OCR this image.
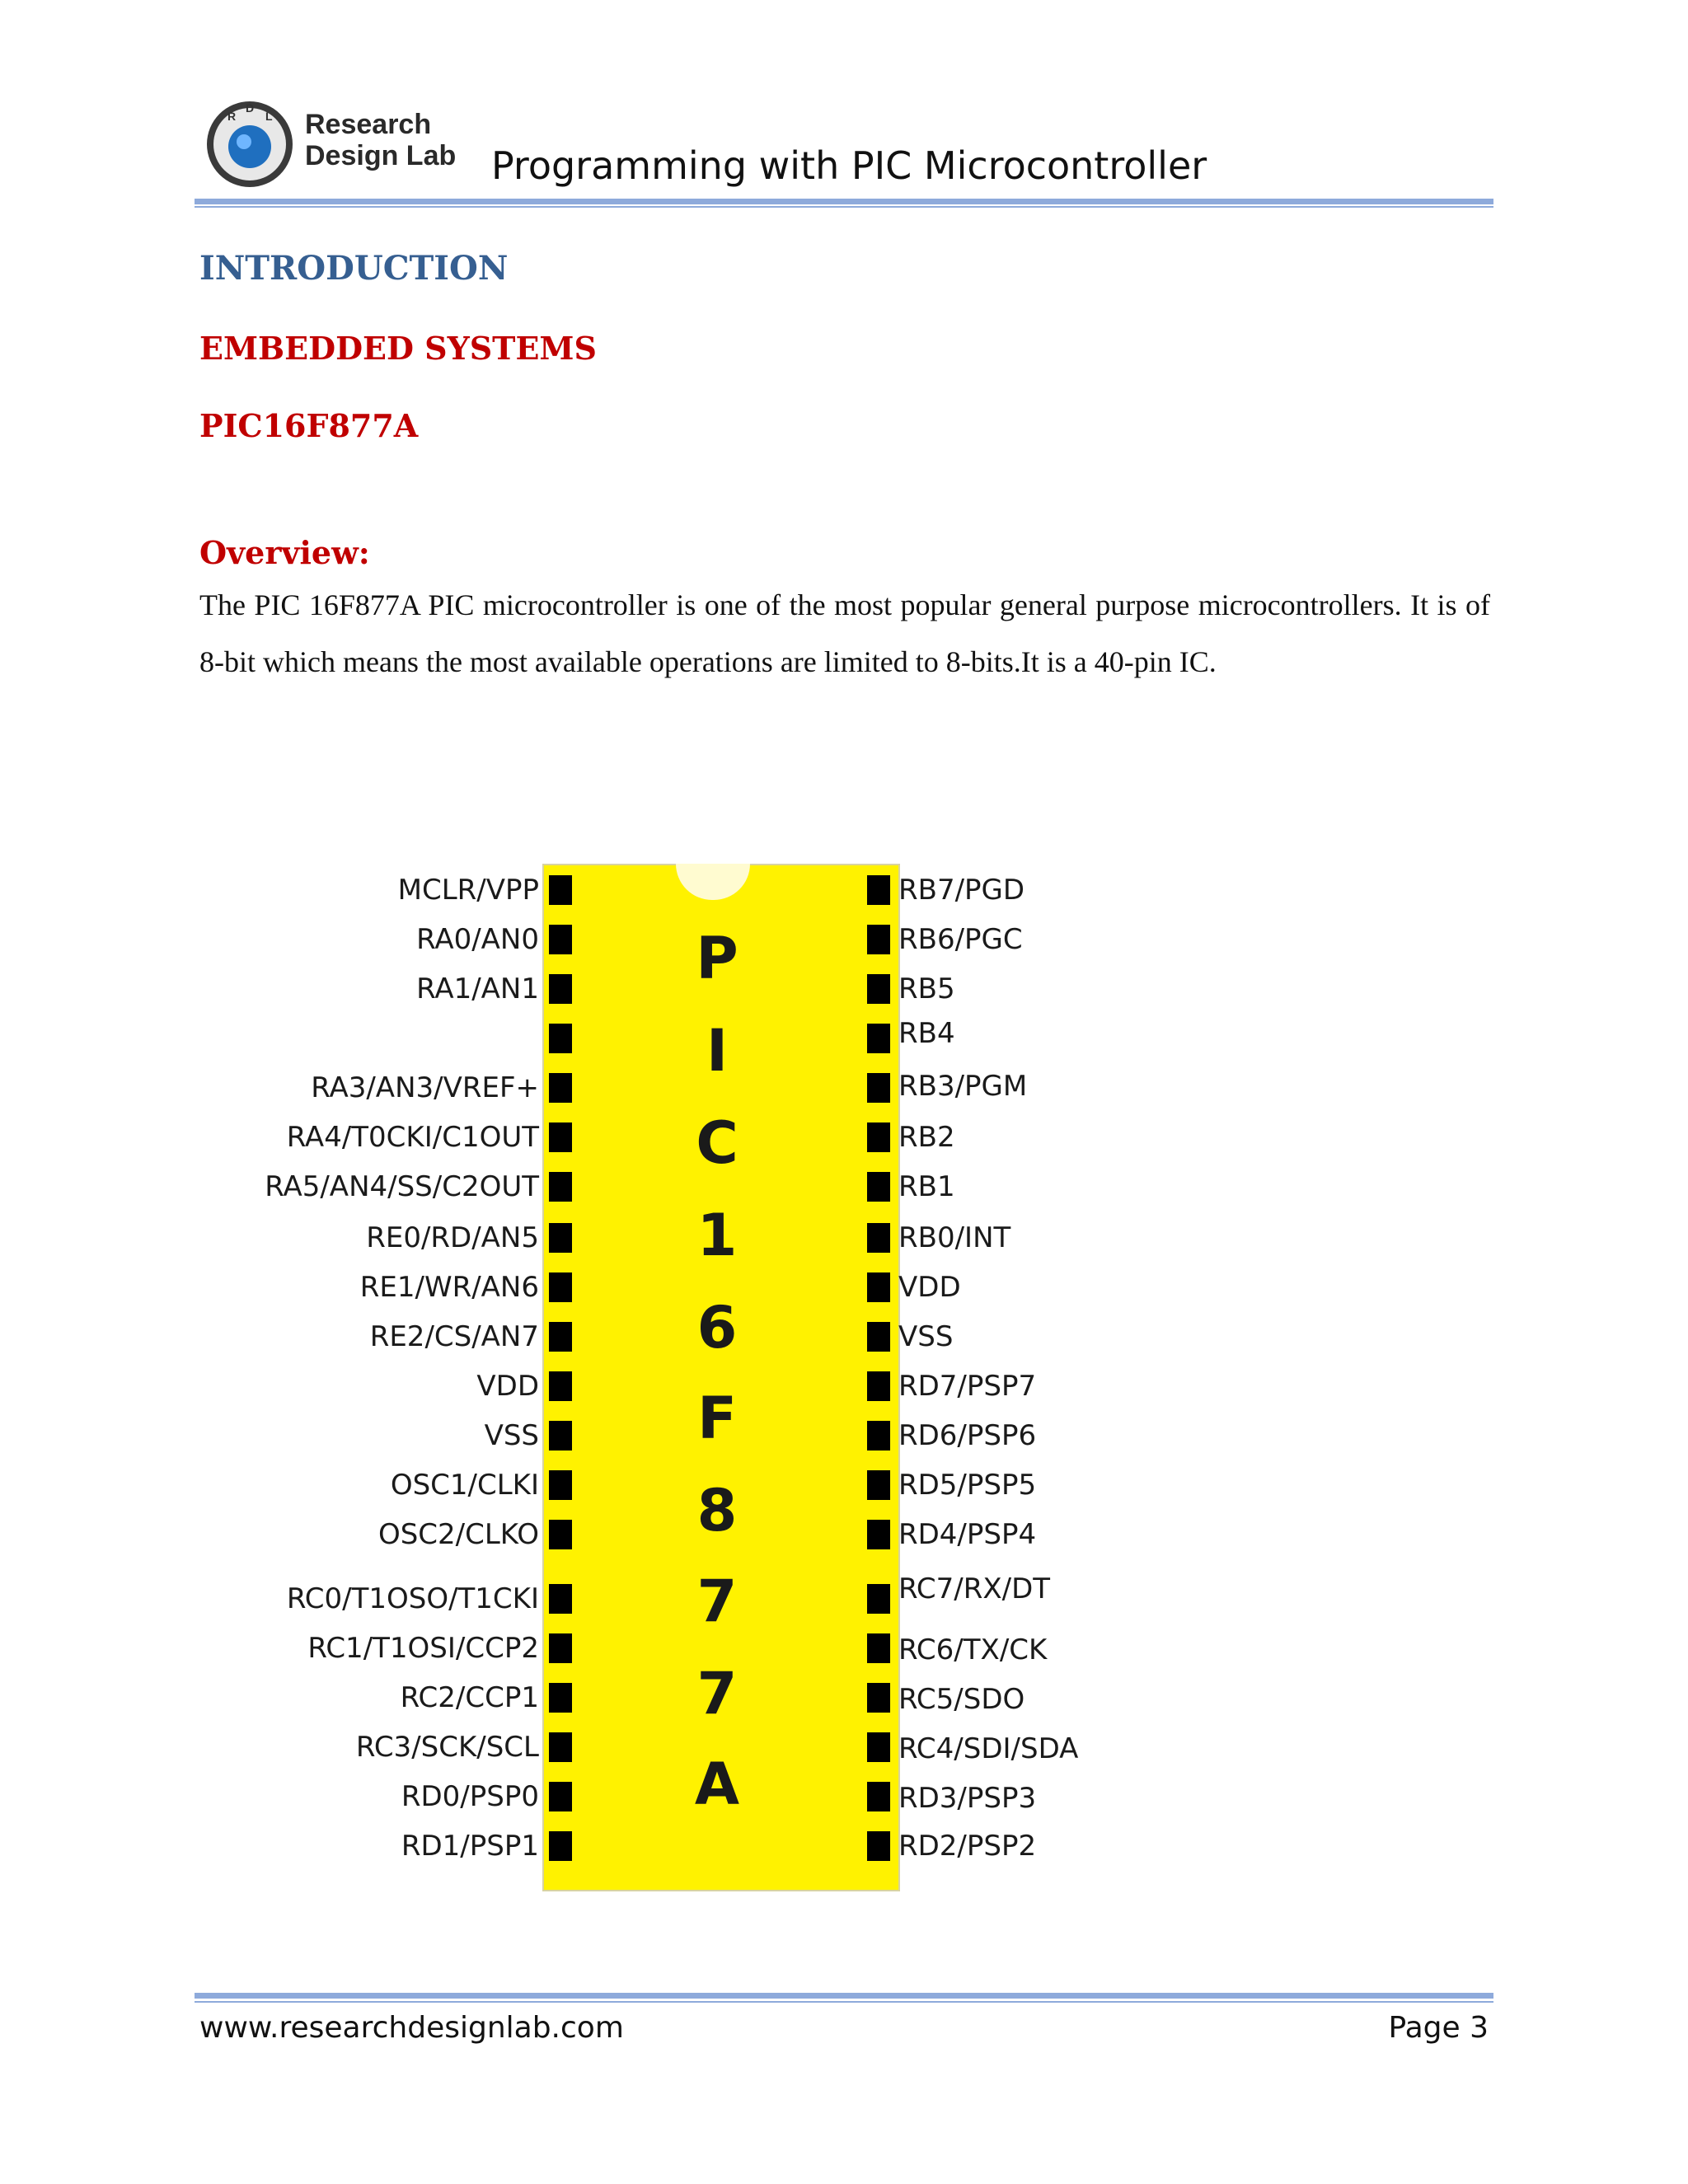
R
D
L Research
Design Lab Programming with PIC Microcontroller
INTRODUCTION
EMBEDDED SYSTEMS
PIC16F877A
Overview:
The PIC 16F877A PIC microcontroller is one of the most popular general purpose microcontrollers. It is of 8-bit which means the most available operations are limited to 8-bits.It is a 40-pin IC.
P
I
C
1
6
F
8
7
7
A
MCLR/VPP
RA0/AN0
RA1/AN1
RA3/AN3/VREF+
RA4/T0CKI/C1OUT
RA5/AN4/SS/C2OUT
RE0/RD/AN5
RE1/WR/AN6
RE2/CS/AN7
VDD
VSS
OSC1/CLKI
OSC2/CLKO
RC0/T1OSO/T1CKI
RC1/T1OSI/CCP2
RC2/CCP1
RC3/SCK/SCL
RD0/PSP0
RD1/PSP1
RB7/PGD
RB6/PGC
RB5
RB4
RB3/PGM
RB2
RB1
RB0/INT
VDD
VSS
RD7/PSP7
RD6/PSP6
RD5/PSP5
RD4/PSP4
RC7/RX/DT
RC6/TX/CK
RC5/SDO
RC4/SDI/SDA
RD3/PSP3
RD2/PSP2
www.researchdesignlab.com	Page 3
